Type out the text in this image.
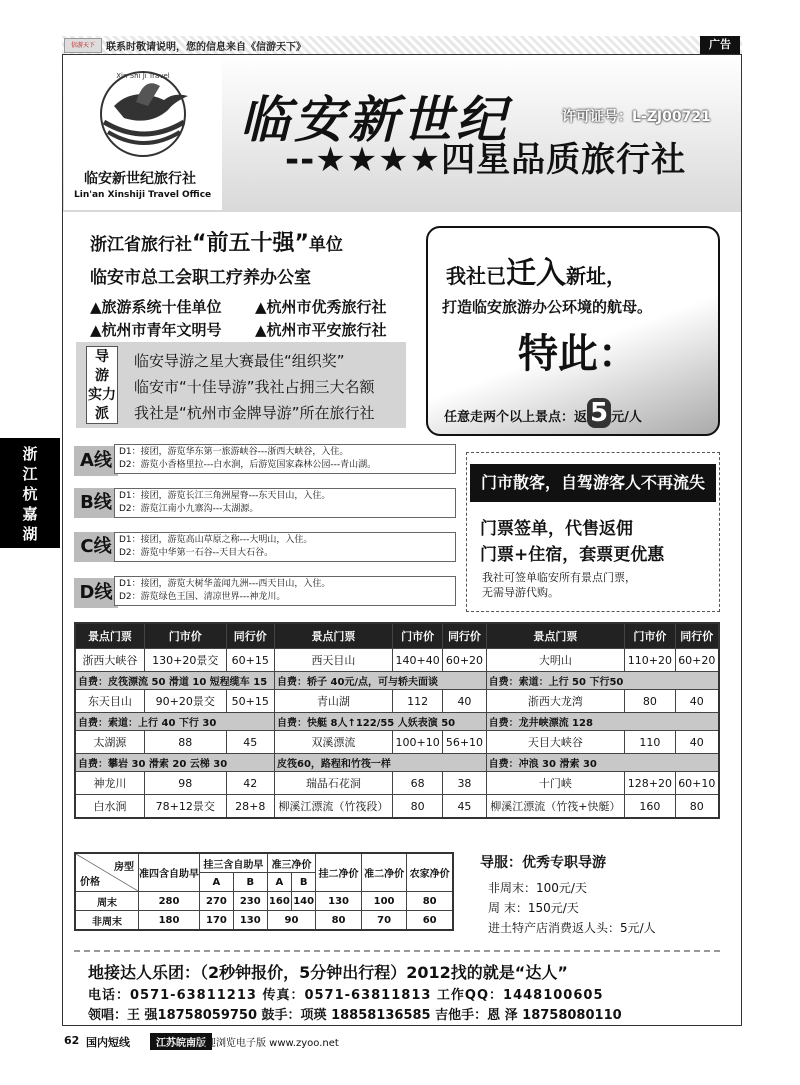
信游天下	联系时敬请说明，您的信息来自《信游天下》	广告
Xin Shi Ji Travel
临安新世纪旅行社
Lin'an Xinshiji Travel Office
临安新世纪	许可证号：L-ZJ00721
--★★★★四星品质旅行社
浙江省旅行社“前五十强”单位
临安市总工会职工疗养办公室
▲旅游系统十佳单位	▲杭州市优秀旅行社
▲杭州市青年文明号	▲杭州市平安旅行社
导
游
实 力
派
临安导游之星大赛最佳“组织奖”
临安市“十佳导游”我社占拥三大名额
我社是“杭州市金牌导游”所在旅行社
我社已迁入新址，
打造临安旅游办公环境的航母。
特此：
任意走两个以上景点：返 5 元/人
浙
江
杭
嘉
湖
A线 D1：接团，游览华东第一旅游峡谷---浙西大峡谷，入住。
D2：游览小香格里拉---白水涧，后游览国家森林公园---青山湖。
B线 D1：接团，游览长江三角洲屋脊---东天目山，入住。
D2：游览江南小九寨沟---太湖源。
C线 D1：接团，游览高山草原之称---大明山，入住。
D2：游览中华第一石谷--天目大石谷。
D线 D1：接团，游览大树华盖闻九洲---西天目山，入住。
D2：游览绿色王国、清凉世界---神龙川。
门市散客，自驾游客人不再流失
门票签单，代售返佣
门票+住宿，套票更优惠
我社可签单临安所有景点门票，
无需导游代购。
景点门票	门市价	同行价	景点门票	门市价	同行价	景点门票	门市价	同行价
浙西大峡谷	130+20景交	60+15	西天目山	140+40	60+20	大明山	110+20	60+20
自费：皮筏漂流 50 滑道 10 短程缆车 15			自费：轿子 40元/点，可与轿夫面谈			自费：索道：上行 50 下行50		
东天目山	90+20景交	50+15	青山湖	112	40	浙西大龙湾	80	40
自费：索道：上行 40 下行 30			自费：快艇 8人↑122/55 人妖表演 50			自费：龙井峡漂流 128		
太湖源	88	45	双溪漂流	100+10	56+10	天目大峡谷	110	40
自费：攀岩 30 滑索 20 云梯 30			皮筏60，路程和竹筏一样			自费：冲浪 30 滑索 30		
神龙川	98	42	瑞晶石花洞	68	38	十门峡	128+20	60+10
白水涧	78+12景交	28+8	柳溪江漂流（竹筏段）	80	45	柳溪江漂流（竹筏+快艇）	160	80
房型
价格	准四含自助早	挂三含自助早		准三净价		挂二净价	准二净价	农家净价
		A	B	A	B			
周末	280	270	230	160	140	130	100	80
非周末	180	170	130	90		80	70	60
导服：优秀专职导游
非周末：100元/天
周 末：150元/天
进土特产店消费返人头：5元/人
地接达人乐团：（2秒钟报价，5分钟出行程）2012找的就是“达人”
电话：0571-63811213 传真：0571-63811813 工作QQ：1448100605
领唱：王 强18758059750 鼓手：项瑛 18858136585 吉他手：恩 泽 18758080110
62 国内短线	江苏皖南版
欢迎浏览电子版 www.zyoo.net
